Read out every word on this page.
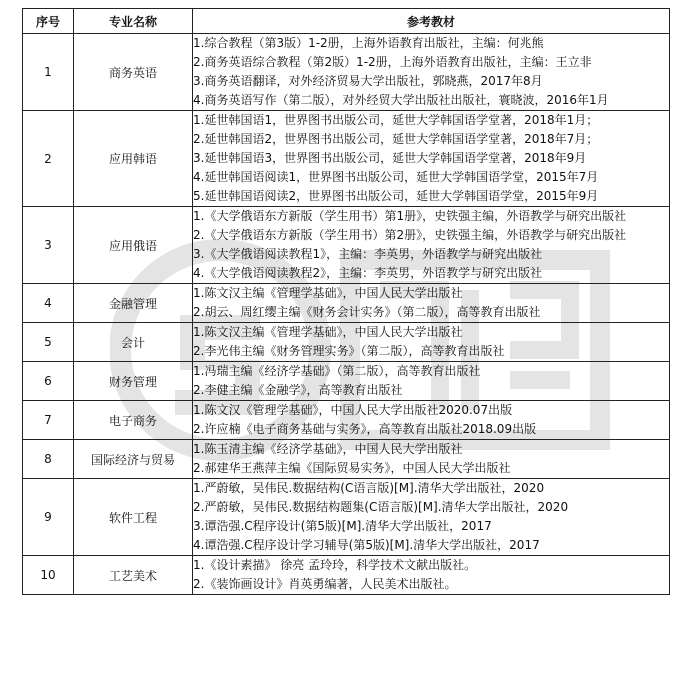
序号	专业名称	参考教材
1	商务英语	1.综合教程（第3版）1-2册，上海外语教育出版社，主编：何兆熊
2.商务英语综合教程（第2版）1-2册，上海外语教育出版社，主编：王立非
3.商务英语翻译，对外经济贸易大学出版社，郭晓燕，2017年8月
4.商务英语写作（第二版），对外经贸大学出版社出版社，寰晓波，2016年1月

2	应用韩语	1.延世韩国语1，世界图书出版公司，延世大学韩国语学堂著，2018年1月；
2.延世韩国语2，世界图书出版公司，延世大学韩国语学堂著，2018年7月；
3.延世韩国语3，世界图书出版公司，延世大学韩国语学堂著，2018年9月
4.延世韩国语阅读1，世界图书出版公司，延世大学韩国语学堂，2015年7月
5.延世韩国语阅读2，世界图书出版公司，延世大学韩国语学堂，2015年9月

3	应用俄语	1.《大学俄语东方新版（学生用书）第1册》，史铁强主编，外语教学与研究出版社
2.《大学俄语东方新版（学生用书）第2册》，史铁强主编，外语教学与研究出版社
3.《大学俄语阅读教程1》，主编：李英男，外语教学与研究出版社
4.《大学俄语阅读教程2》，主编：李英男，外语教学与研究出版社

4	金融管理	1.陈文汉主编《管理学基础》，中国人民大学出版社
2.胡云、周红缨主编《财务会计实务》（第二版），高等教育出版社

5	会计	1.陈文汉主编《管理学基础》，中国人民大学出版社
2.李光伟主编《财务管理实务》（第二版），高等教育出版社

6	财务管理	1.冯瑞主编《经济学基础》（第二版），高等教育出版社
2.李健主编《金融学》，高等教育出版社

7	电子商务	1.陈文汉《管理学基础》，中国人民大学出版社2020.07出版
2.许应楠《电子商务基础与实务》，高等教育出版社2018.09出版

8	国际经济与贸易	1.陈玉清主编《经济学基础》，中国人民大学出版社
2.郝建华王燕萍主编《国际贸易实务》，中国人民大学出版社

9	软件工程	1.严蔚敏，吴伟民.数据结构(C语言版)[M].清华大学出版社，2020
2.严蔚敏，吴伟民.数据结构题集(C语言版)[M].清华大学出版社，2020
3.谭浩强.C程序设计(第5版)[M].清华大学出版社，2017
4.谭浩强.C程序设计学习辅导(第5版)[M].清华大学出版社，2017

10	工艺美术	1.《设计素描》 徐亮 孟玲玲，科学技术文献出版社。
2.《装饰画设计》肖英勇编著，人民美术出版社。
